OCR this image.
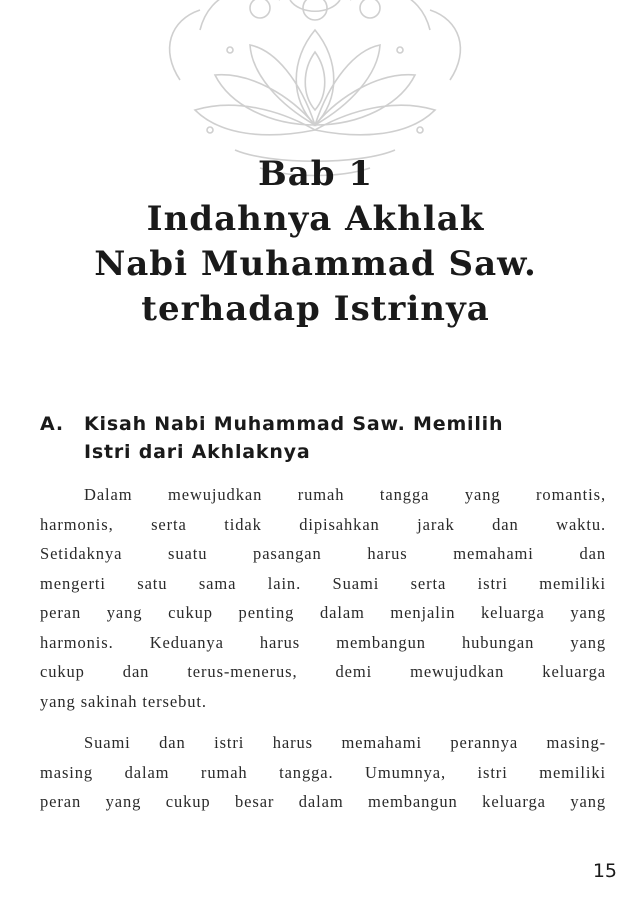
Bab 1
Indahnya Akhlak
Nabi Muhammad Saw.
terhadap Istrinya
A. Kisah Nabi Muhammad Saw. Memilih
Istri dari Akhlaknya
Dalam mewujudkan rumah tangga yang romantis,
harmonis, serta tidak dipisahkan jarak dan waktu.
Setidaknya suatu pasangan harus memahami dan
mengerti satu sama lain. Suami serta istri memiliki
peran yang cukup penting dalam menjalin keluarga yang
harmonis. Keduanya harus membangun hubungan yang
cukup dan terus-menerus, demi mewujudkan keluarga
yang sakinah tersebut.
Suami dan istri harus memahami perannya masing-
masing dalam rumah tangga. Umumnya, istri memiliki
peran yang cukup besar dalam membangun keluarga yang
15
